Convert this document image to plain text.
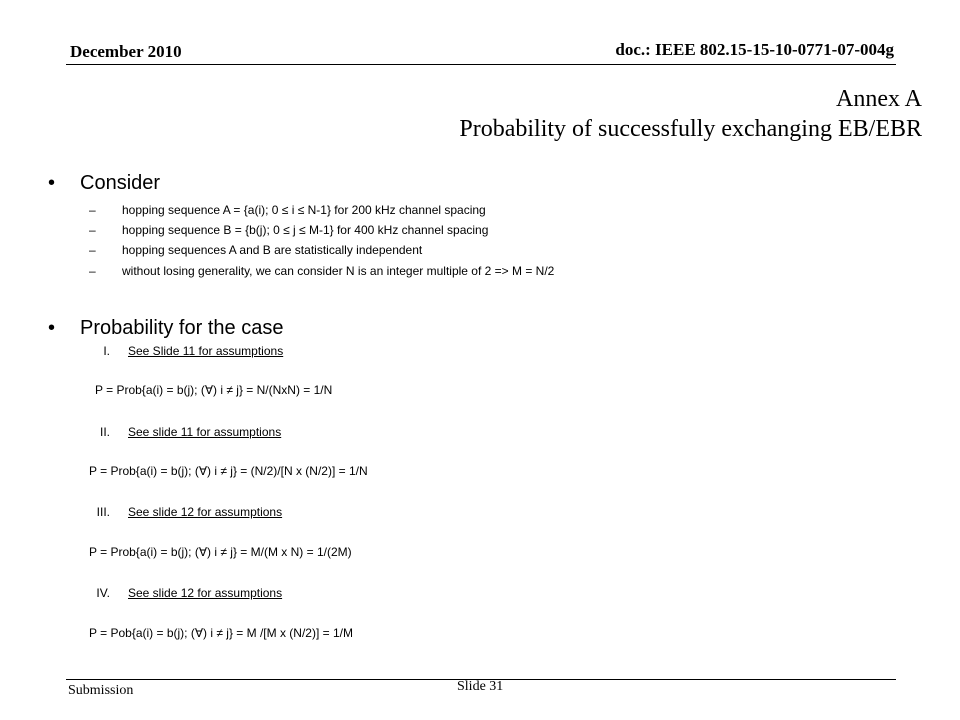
December 2010	doc.: IEEE 802.15-15-10-0771-07-004g
Annex A
Probability of successfully exchanging EB/EBR
• Consider
– hopping sequence A = {a(i); 0 ≤ i ≤ N-1} for 200 kHz channel spacing
– hopping sequence B = {b(j); 0 ≤ j ≤ M-1} for 400 kHz channel spacing
– hopping sequences A and B are statistically independent
– without losing generality, we can consider N is an integer multiple of 2 => M = N/2
• Probability for the case
I. See Slide 11 for assumptions
P = Prob{a(i) = b(j); (∀) i ≠ j} = N/(NxN) = 1/N
II. See slide 11 for assumptions
P = Prob{a(i) = b(j); (∀) i ≠ j} = (N/2)/[N x (N/2)] = 1/N
III. See slide 12 for assumptions
P = Prob{a(i) = b(j); (∀) i ≠ j} = M/(M x N) = 1/(2M)
IV. See slide 12 for assumptions
P = Pob{a(i) = b(j); (∀) i ≠ j} = M /[M x (N/2)] = 1/M
Submission	Slide 31
